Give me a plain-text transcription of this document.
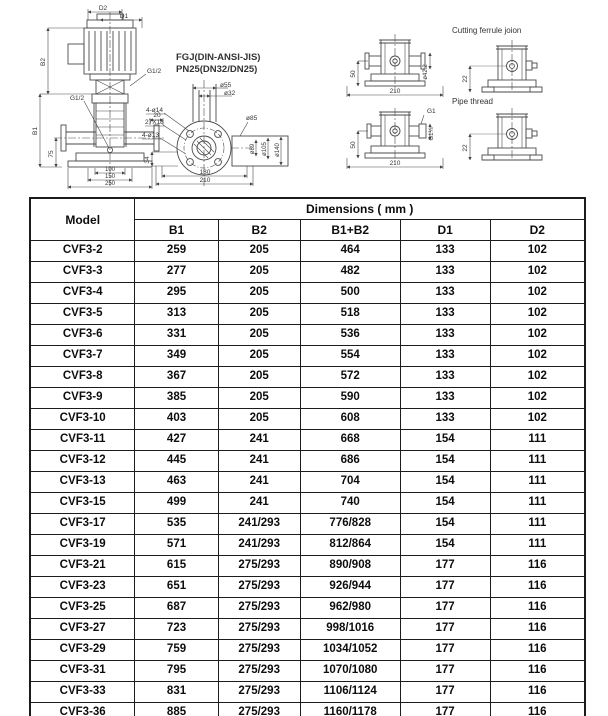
D2
D1
B2
B1
G1/2
G1/2
20
75
100
150
250
FGJ(DIN-ANSI-JIS)
PN25(DN32/DN25)
ø55
ø32
4-ø14
27X18
4-ø13
ø85
ø89 ø105 ø140
180
210
34
Cutting ferrule joion
Pipe thread
50
210
ø42.2	22
50
210
G1
G1¼
22
Model	Dimensions ( mm )				
	B1	B2	B1+B2	D1	D2
CVF3-2	259	205	464	133	102
CVF3-3	277	205	482	133	102
CVF3-4	295	205	500	133	102
CVF3-5	313	205	518	133	102
CVF3-6	331	205	536	133	102
CVF3-7	349	205	554	133	102
CVF3-8	367	205	572	133	102
CVF3-9	385	205	590	133	102
CVF3-10	403	205	608	133	102
CVF3-11	427	241	668	154	111
CVF3-12	445	241	686	154	111
CVF3-13	463	241	704	154	111
CVF3-15	499	241	740	154	111
CVF3-17	535	241/293	776/828	154	111
CVF3-19	571	241/293	812/864	154	111
CVF3-21	615	275/293	890/908	177	116
CVF3-23	651	275/293	926/944	177	116
CVF3-25	687	275/293	962/980	177	116
CVF3-27	723	275/293	998/1016	177	116
CVF3-29	759	275/293	1034/1052	177	116
CVF3-31	795	275/293	1070/1080	177	116
CVF3-33	831	275/293	1106/1124	177	116
CVF3-36	885	275/293	1160/1178	177	116
